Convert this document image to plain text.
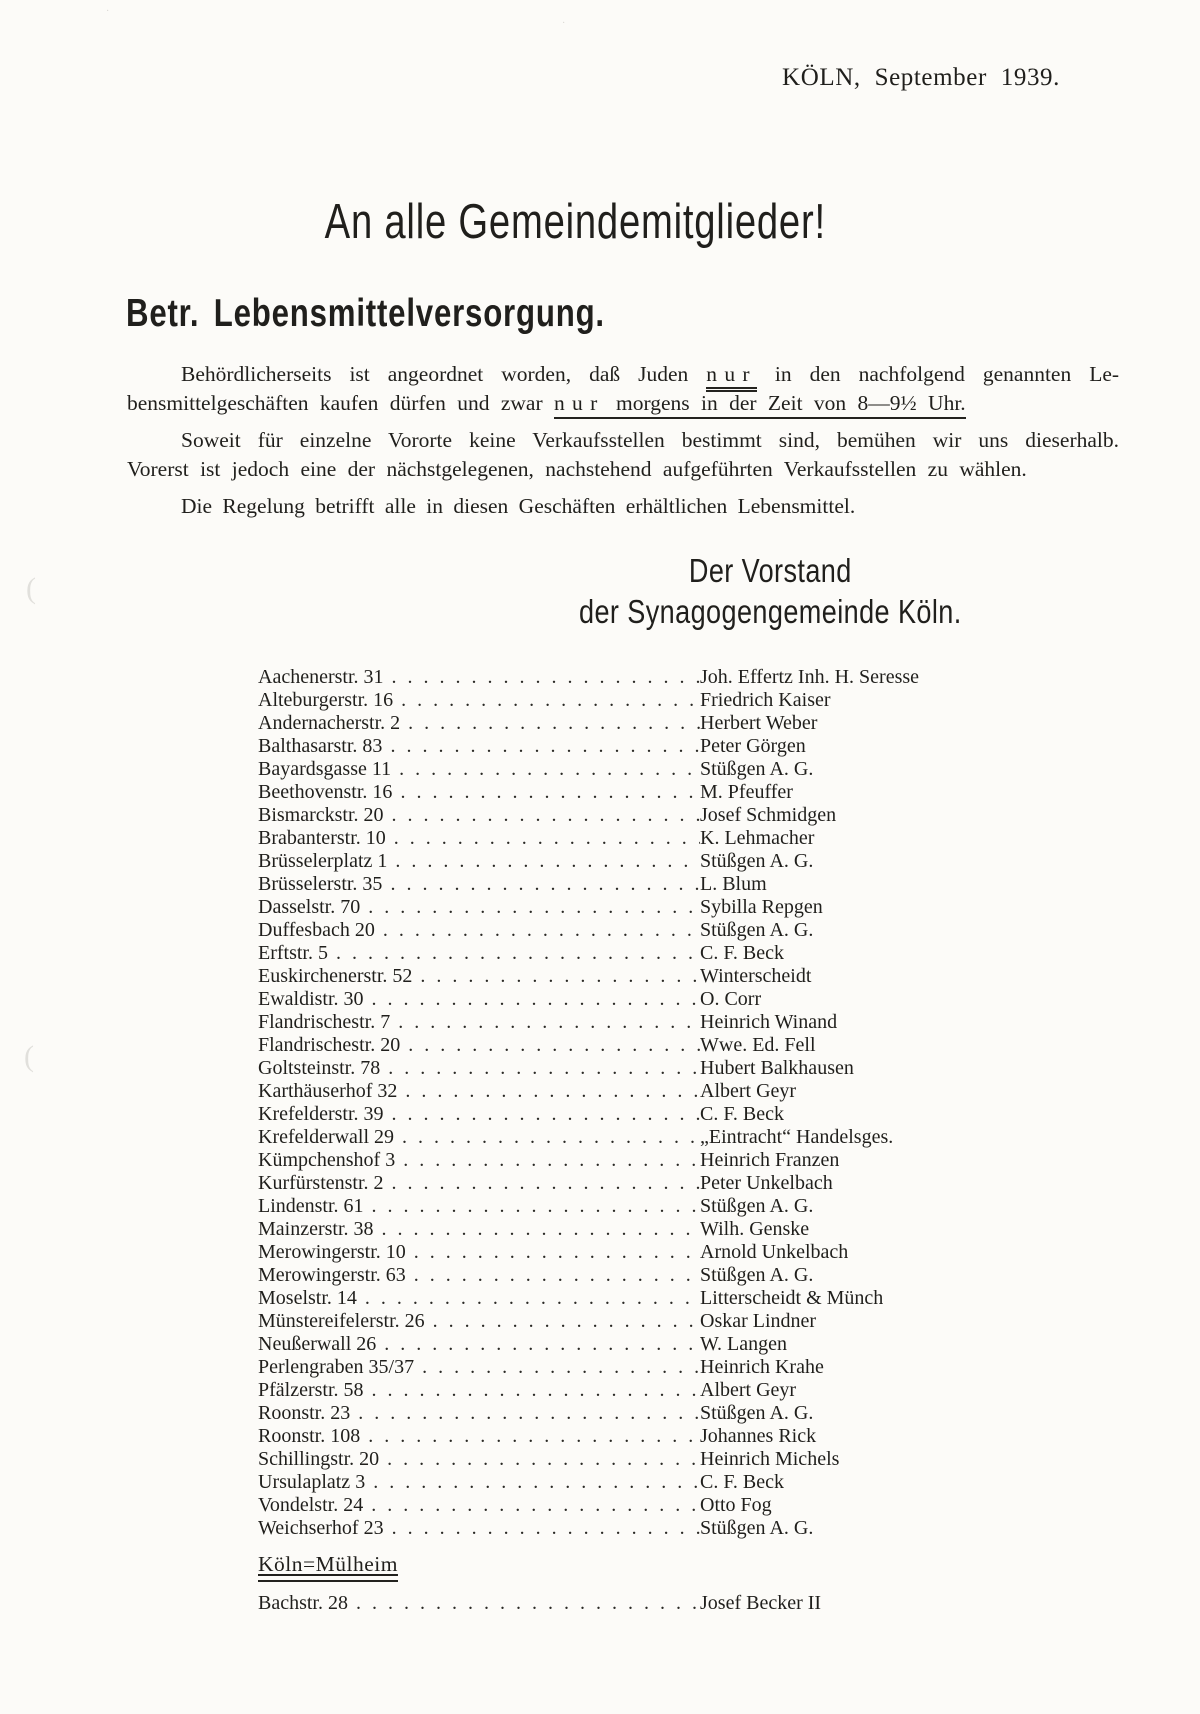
·
·
(
(
KÖLN, September 1939.
An alle Gemeindemitglieder!
Betr. Lebensmittelversorgung.
Behördlicherseits ist angeordnet worden, daß Juden nur in den nachfolgend genannten Le-
bensmittelgeschäften kaufen dürfen und zwar nur morgens in der Zeit von 8—9½ Uhr.
Soweit für einzelne Vororte keine Verkaufsstellen bestimmt sind, bemühen wir uns dieserhalb.
Vorerst ist jedoch eine der nächstgelegenen, nachstehend aufgeführten Verkaufsstellen zu wählen.
Die Regelung betrifft alle in diesen Geschäften erhältlichen Lebensmittel.
Der Vorstand
der Synagogengemeinde Köln.
Aachenerstr. 31 . . .	Joh. Effertz Inh. H. Seresse
Alteburgerstr. 16 . . .	Friedrich Kaiser
Andernacherstr. 2 . . .	Herbert Weber
Balthasarstr. 83 . . .	Peter Görgen
Bayardsgasse 11 . . .	Stüßgen A. G.
Beethovenstr. 16 . . .	M. Pfeuffer
Bismarckstr. 20 . . .	Josef Schmidgen
Brabanterstr. 10 . . .	K. Lehmacher
Brüsselerplatz 1 . . .	Stüßgen A. G.
Brüsselerstr. 35 . . .	L. Blum
Dasselstr. 70 . . .	Sybilla Repgen
Duffesbach 20 . . .	Stüßgen A. G.
Erftstr. 5 . . .	C. F. Beck
Euskirchenerstr. 52 . . .	Winterscheidt
Ewaldistr. 30 . . .	O. Corr
Flandrischestr. 7 . . .	Heinrich Winand
Flandrischestr. 20 . . .	Wwe. Ed. Fell
Goltsteinstr. 78 . . .	Hubert Balkhausen
Karthäuserhof 32 . . .	Albert Geyr
Krefelderstr. 39 . . .	C. F. Beck
Krefelderwall 29 . . .	„Eintracht“ Handelsges.
Kümpchenshof 3 . . .	Heinrich Franzen
Kurfürstenstr. 2 . . .	Peter Unkelbach
Lindenstr. 61 . . .	Stüßgen A. G.
Mainzerstr. 38 . . .	Wilh. Genske
Merowingerstr. 10 . . .	Arnold Unkelbach
Merowingerstr. 63 . . .	Stüßgen A. G.
Moselstr. 14 . . .	Litterscheidt & Münch
Münstereifelerstr. 26 . . .	Oskar Lindner
Neußerwall 26 . . .	W. Langen
Perlengraben 35/37 . . .	Heinrich Krahe
Pfälzerstr. 58 . . .	Albert Geyr
Roonstr. 23 . . .	Stüßgen A. G.
Roonstr. 108 . . .	Johannes Rick
Schillingstr. 20 . . .	Heinrich Michels
Ursulaplatz 3 . . .	C. F. Beck
Vondelstr. 24 . . .	Otto Fog
Weichserhof 23 . . .	Stüßgen A. G.
Köln=Mülheim
Bachstr. 28 . . .	Josef Becker II
